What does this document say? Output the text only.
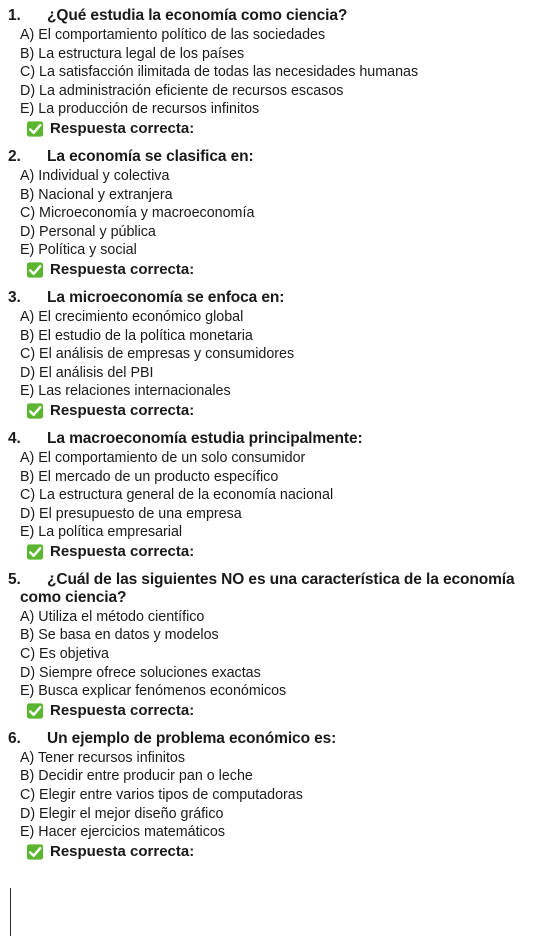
1. ¿Qué estudia la economía como ciencia?
A) El comportamiento político de las sociedades
B) La estructura legal de los países
C) La satisfacción ilimitada de todas las necesidades humanas
D) La administración eficiente de recursos escasos
E) La producción de recursos infinitos
Respuesta correcta:
2. La economía se clasifica en:
A) Individual y colectiva
B) Nacional y extranjera
C) Microeconomía y macroeconomía
D) Personal y pública
E) Política y social
Respuesta correcta:
3. La microeconomía se enfoca en:
A) El crecimiento económico global
B) El estudio de la política monetaria
C) El análisis de empresas y consumidores
D) El análisis del PBI
E) Las relaciones internacionales
Respuesta correcta:
4. La macroeconomía estudia principalmente:
A) El comportamiento de un solo consumidor
B) El mercado de un producto específico
C) La estructura general de la economía nacional
D) El presupuesto de una empresa
E) La política empresarial
Respuesta correcta:
5.	¿Cuál de las siguientes NO es una característica de la economía como ciencia?
A) Utiliza el método científico
B) Se basa en datos y modelos
C) Es objetiva
D) Siempre ofrece soluciones exactas
E) Busca explicar fenómenos económicos
Respuesta correcta:
6. Un ejemplo de problema económico es:
A) Tener recursos infinitos
B) Decidir entre producir pan o leche
C) Elegir entre varios tipos de computadoras
D) Elegir el mejor diseño gráfico
E) Hacer ejercicios matemáticos
Respuesta correcta:
